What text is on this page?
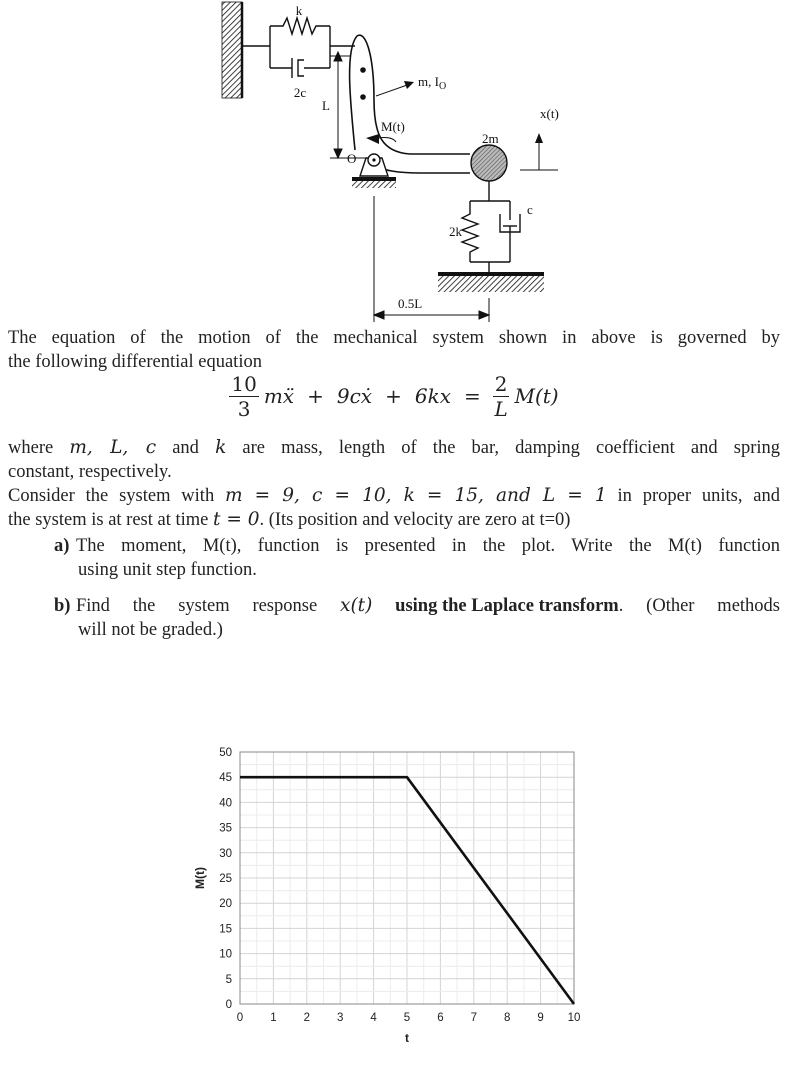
k
2c
L
m, $I_O$
M(t)
O
2m
x(t)
2k
c
0.5L
The equation of the motion of the mechanical system shown in above is governed by
the following differential equation
$\frac{10}{3}$ mẍ + 9cẋ + $6kx = \frac{2}{L} M(t)$
where m, L, c and k are mass, length of the bar, damping coefficient and spring
constant, respectively.
Consider the system with m = 9, c = 10, k = 15, and L = 1 in proper units, and
the system is at rest at time t = 0. (Its position and velocity are zero at t=0)
a) The moment, M(t), function is presented in the plot. Write the M(t) function
using unit step function.
b) Find the system response x(t) using the Laplace transform. (Other methods
will not be graded.)
0 1 2 3 4 5 6 7 8 9 10
0
5
10
15
20
25
30
35
40
45
50
t
M(t)
